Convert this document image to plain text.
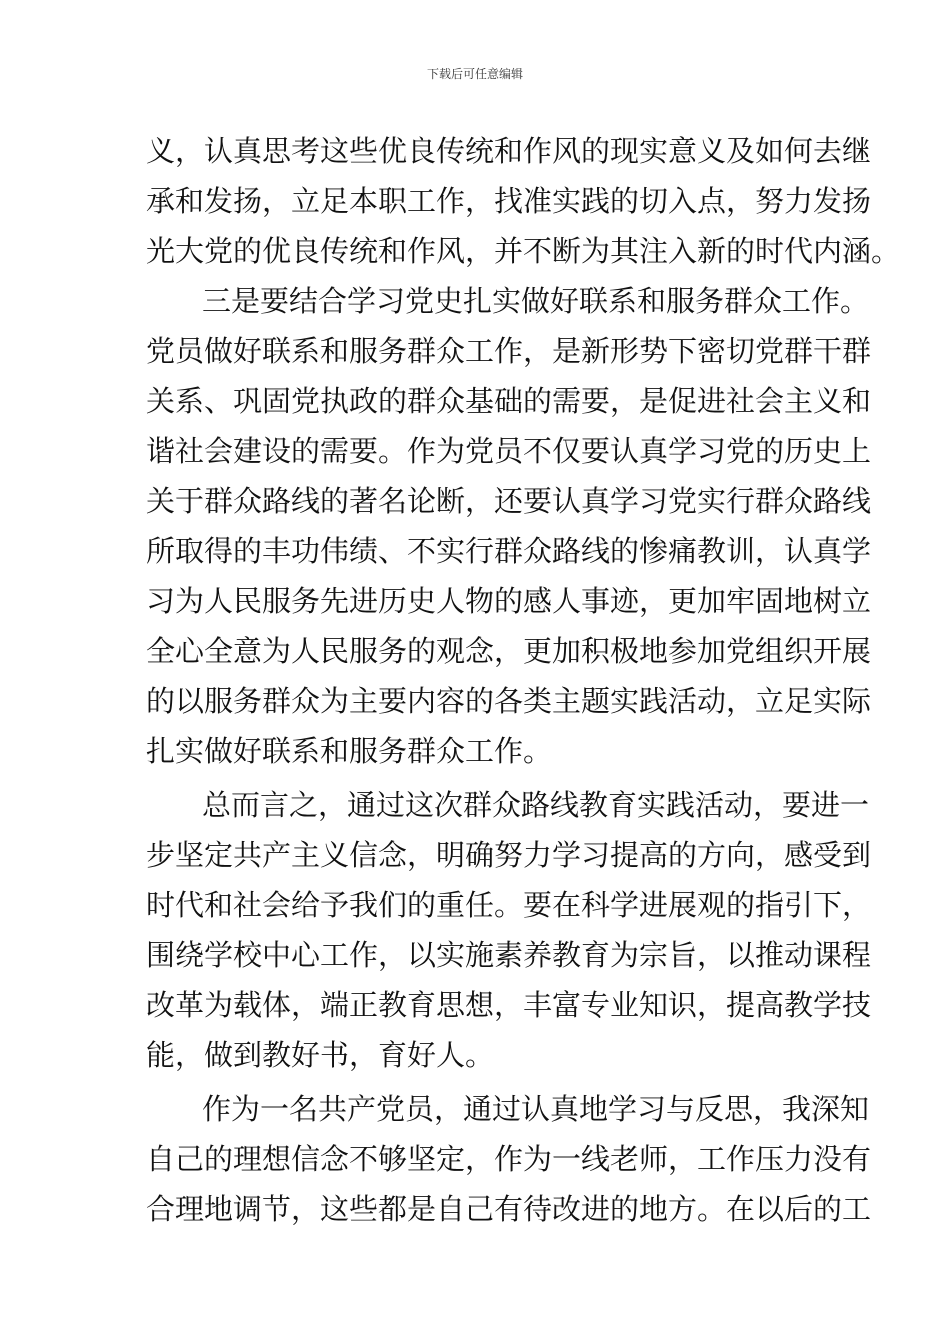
下载后可任意编辑
义，认真思考这些优良传统和作风的现实意义及如何去继
承和发扬，立足本职工作，找准实践的切入点，努力发扬
光大党的优良传统和作风，并不断为其注入新的时代内涵。
三是要结合学习党史扎实做好联系和服务群众工作。
党员做好联系和服务群众工作，是新形势下密切党群干群
关系、巩固党执政的群众基础的需要，是促进社会主义和
谐社会建设的需要。作为党员不仅要认真学习党的历史上
关于群众路线的著名论断，还要认真学习党实行群众路线
所取得的丰功伟绩、不实行群众路线的惨痛教训，认真学
习为人民服务先进历史人物的感人事迹，更加牢固地树立
全心全意为人民服务的观念，更加积极地参加党组织开展
的以服务群众为主要内容的各类主题实践活动，立足实际
扎实做好联系和服务群众工作。
总而言之，通过这次群众路线教育实践活动，要进一
步坚定共产主义信念，明确努力学习提高的方向，感受到
时代和社会给予我们的重任。要在科学进展观的指引下，
围绕学校中心工作，以实施素养教育为宗旨，以推动课程
改革为载体，端正教育思想，丰富专业知识，提高教学技
能，做到教好书，育好人。
作为一名共产党员，通过认真地学习与反思，我深知
自己的理想信念不够坚定，作为一线老师，工作压力没有
合理地调节，这些都是自己有待改进的地方。在以后的工
